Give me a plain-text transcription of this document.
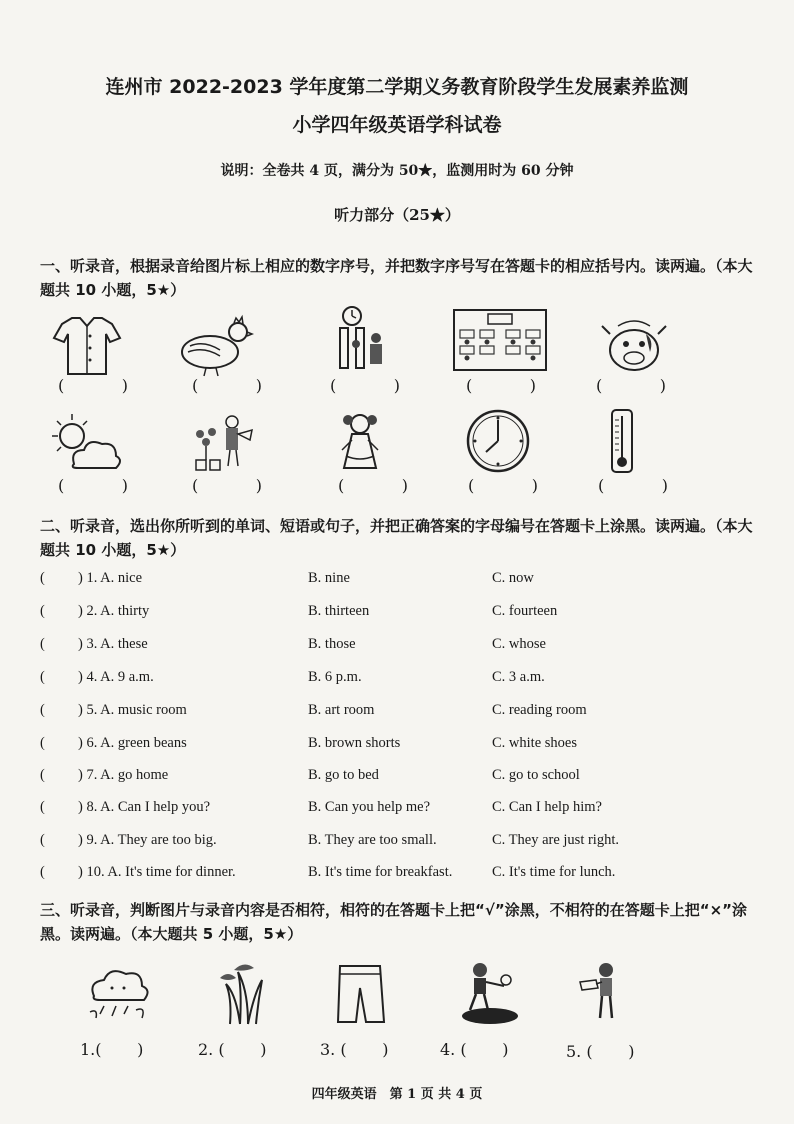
连州市 2022-2023 学年度第二学期义务教育阶段学生发展素养监测
小学四年级英语学科试卷
说明：全卷共 4 页，满分为 50★，监测用时为 60 分钟
听力部分（25★）
一、听录音，根据录音给图片标上相应的数字序号，并把数字序号写在答题卡的相应括号内。读两遍。（本大题共 10 小题，5★）
(	)	(	)	(	)	(	)	(	)
(	)	(	)	(	)	(	)	(	)
二、听录音，选出你所听到的单词、短语或句子，并把正确答案的字母编号在答题卡上涂黑。读两遍。（本大题共 10 小题，5★）
(	) 1. A. nice	B. nine	C. now
(	) 2. A. thirty	B. thirteen	C. fourteen
(	) 3. A. these	B. those	C. whose
(	) 4. A. 9 a.m.	B. 6 p.m.	C. 3 a.m.
(	) 5. A. music room	B. art room	C. reading room
(	) 6. A. green beans	B. brown shorts	C. white shoes
(	) 7. A. go home	B. go to bed	C. go to school
(	) 8. A. Can I help you?	B. Can you help me?	C. Can I help him?
(	) 9. A. They are too big.	B. They are too small.	C. They are just right.
(	) 10. A. It's time for dinner.	B. It's time for breakfast.	C. It's time for lunch.
三、听录音，判断图片与录音内容是否相符，相符的在答题卡上把“√”涂黑，不相符的在答题卡上把“×”涂黑。读两遍。（本大题共 5 小题，5★）
1.( )	2. ( )	3. ( )	4. ( )	5. ( )
四年级英语　第 1 页 共 4 页
